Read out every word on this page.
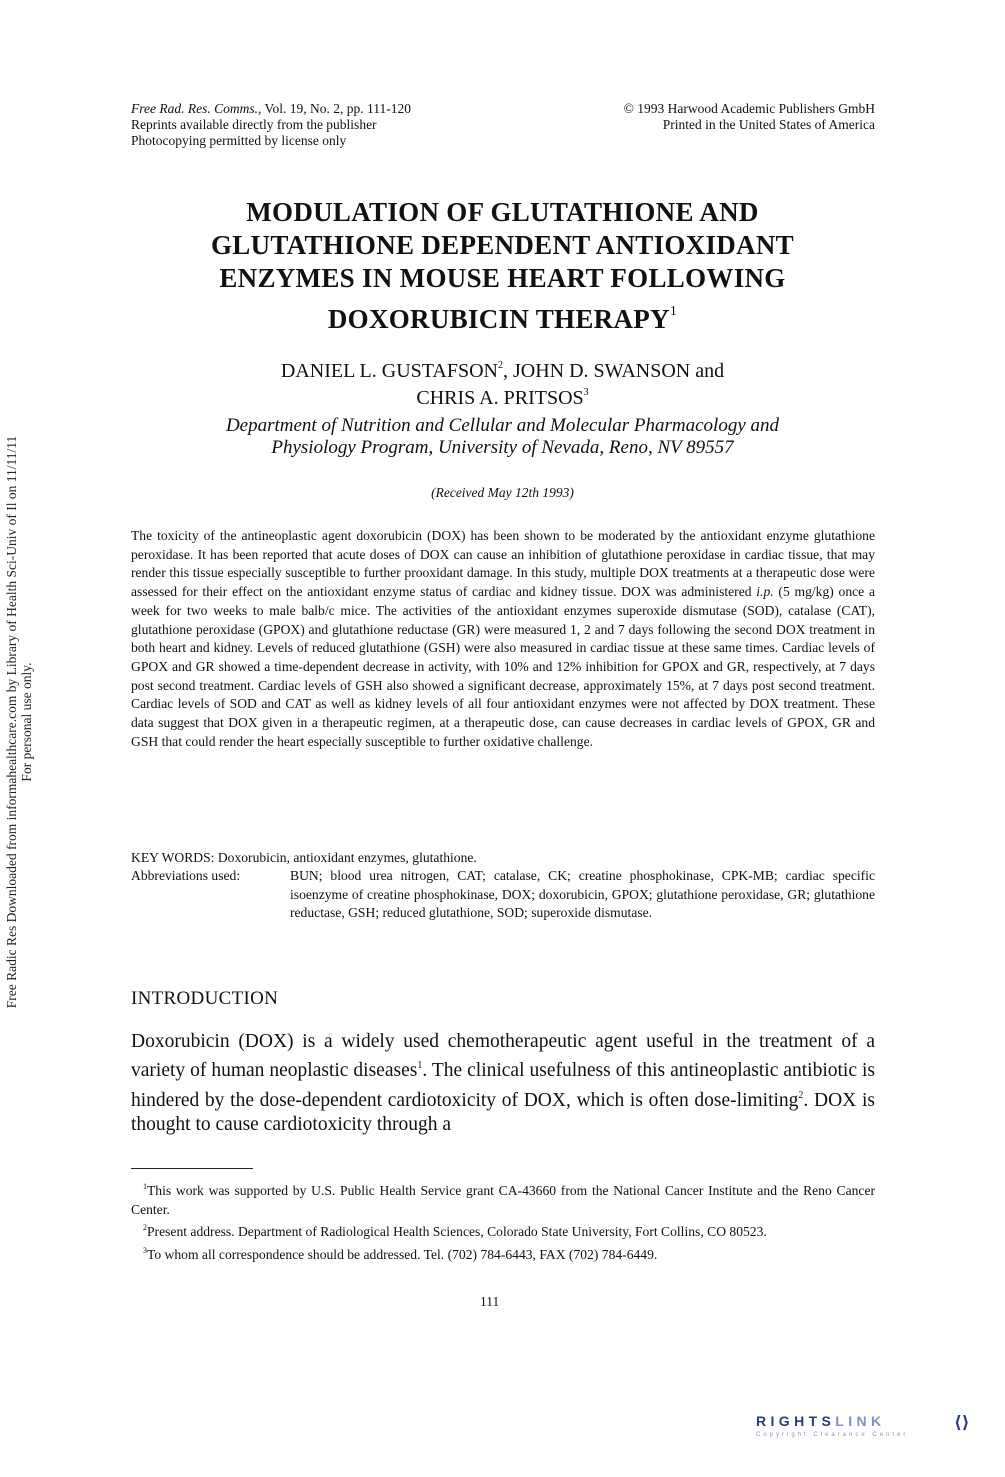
Free Rad. Res. Comms., Vol. 19, No. 2, pp. 111-120
Reprints available directly from the publisher
Photocopying permitted by license only
© 1993 Harwood Academic Publishers GmbH
Printed in the United States of America
MODULATION OF GLUTATHIONE AND
GLUTATHIONE DEPENDENT ANTIOXIDANT
ENZYMES IN MOUSE HEART FOLLOWING
DOXORUBICIN THERAPY$^1$
DANIEL L. GUSTAFSON$^2$, JOHN D. SWANSON and
CHRIS A. PRITSOS$^3$
Department of Nutrition and Cellular and Molecular Pharmacology and
Physiology Program, University of Nevada, Reno, NV 89557
(Received May 12th 1993)
The toxicity of the antineoplastic agent doxorubicin (DOX) has been shown to be moderated by the antioxidant enzyme glutathione peroxidase. It has been reported that acute doses of DOX can cause an inhibition of glutathione peroxidase in cardiac tissue, that may render this tissue especially susceptible to further prooxidant damage. In this study, multiple DOX treatments at a therapeutic dose were assessed for their effect on the antioxidant enzyme status of cardiac and kidney tissue. DOX was administered i.p. (5 mg/kg) once a week for two weeks to male balb/c mice. The activities of the antioxidant enzymes superoxide dismutase (SOD), catalase (CAT), glutathione peroxidase (GPOX) and glutathione reductase (GR) were measured 1, 2 and 7 days following the second DOX treatment in both heart and kidney. Levels of reduced glutathione (GSH) were also measured in cardiac tissue at these same times. Cardiac levels of GPOX and GR showed a time-dependent decrease in activity, with 10% and 12% inhibition for GPOX and GR, respectively, at 7 days post second treatment. Cardiac levels of GSH also showed a significant decrease, approximately 15%, at 7 days post second treatment. Cardiac levels of SOD and CAT as well as kidney levels of all four antioxidant enzymes were not affected by DOX treatment. These data suggest that DOX given in a therapeutic regimen, at a therapeutic dose, can cause decreases in cardiac levels of GPOX, GR and GSH that could render the heart especially susceptible to further oxidative challenge.
KEY WORDS: Doxorubicin, antioxidant enzymes, glutathione.
Abbreviations used:	BUN; blood urea nitrogen, CAT; catalase, CK; creatine phosphokinase, CPK-MB; cardiac specific isoenzyme of creatine phosphokinase, DOX; doxorubicin, GPOX; glutathione peroxidase, GR; glutathione reductase, GSH; reduced glutathione, SOD; superoxide dismutase.
INTRODUCTION
Doxorubicin (DOX) is a widely used chemotherapeutic agent useful in the treatment of a variety of human neoplastic diseases$^1$. The clinical usefulness of this antineoplastic antibiotic is hindered by the dose-dependent cardiotoxicity of DOX, which is often dose-limiting$^2$. DOX is thought to cause cardiotoxicity through a

$^1$This work was supported by U.S. Public Health Service grant CA-43660 from the National Cancer Institute and the Reno Cancer Center.

$^2$Present address. Department of Radiological Health Sciences, Colorado State University, Fort Collins, CO 80523.

$^3$To whom all correspondence should be addressed. Tel. (702) 784-6443, FAX (702) 784-6449.

111
Free Radic Res Downloaded from informahealthcare.com by Library of Health Sci-Univ of Il on 11/11/11 For personal use only.
RIGHTSLINK	⟨⟩
Copyright Clearance Center
